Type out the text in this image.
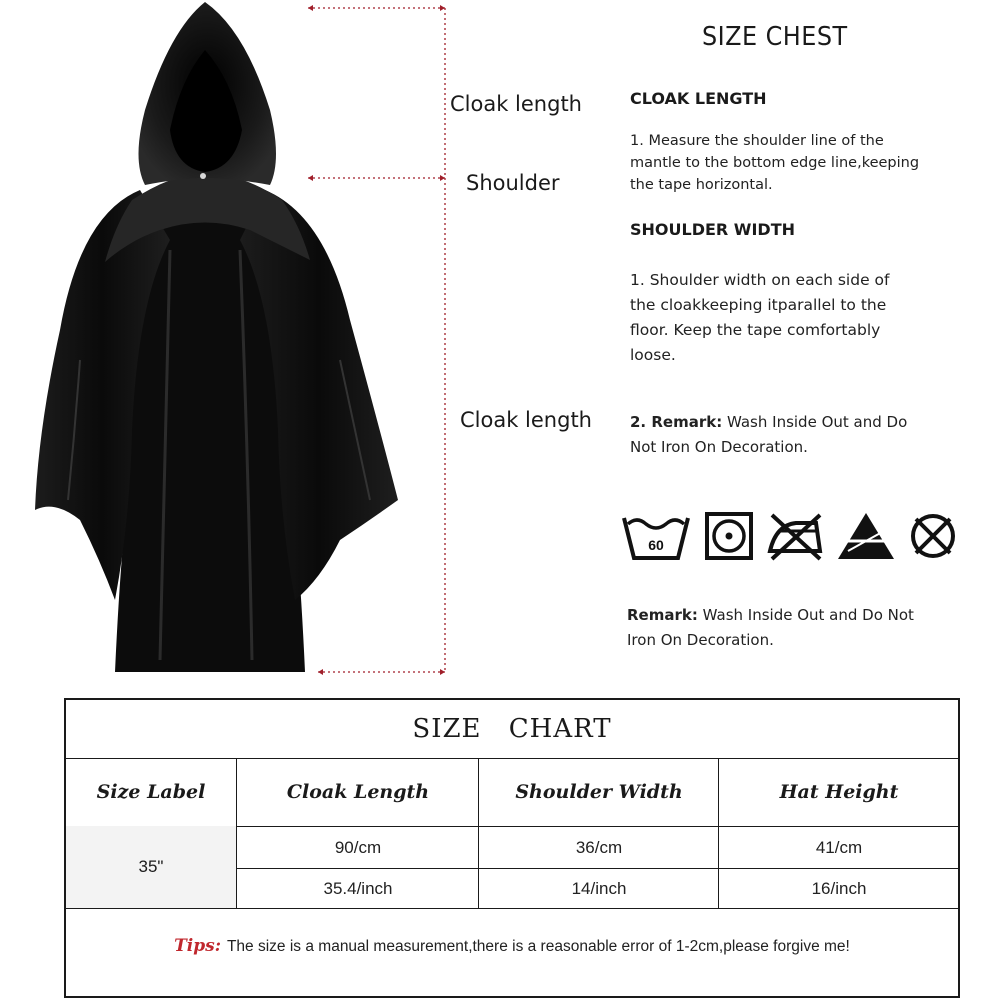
Cloak length
Shoulder
Cloak length
SIZE CHEST
CLOAK LENGTH
1. Measure the shoulder line of the mantle to the bottom edge line,keeping the tape horizontal.
SHOULDER WIDTH
1. Shoulder width on each side of the cloakkeeping itparallel to the floor. Keep the tape comfortably loose.
2. Remark: Wash Inside Out and Do Not Iron On Decoration.
60
Remark: Wash Inside Out and Do Not Iron On Decoration.
SIZE CHART
Size Label	Cloak Length	Shoulder Width	Hat Height
35"
90/cm	36/cm	41/cm
35.4/inch	14/inch	16/inch
Tips: The size is a manual measurement,there is a reasonable error of 1-2cm,please forgive me!
